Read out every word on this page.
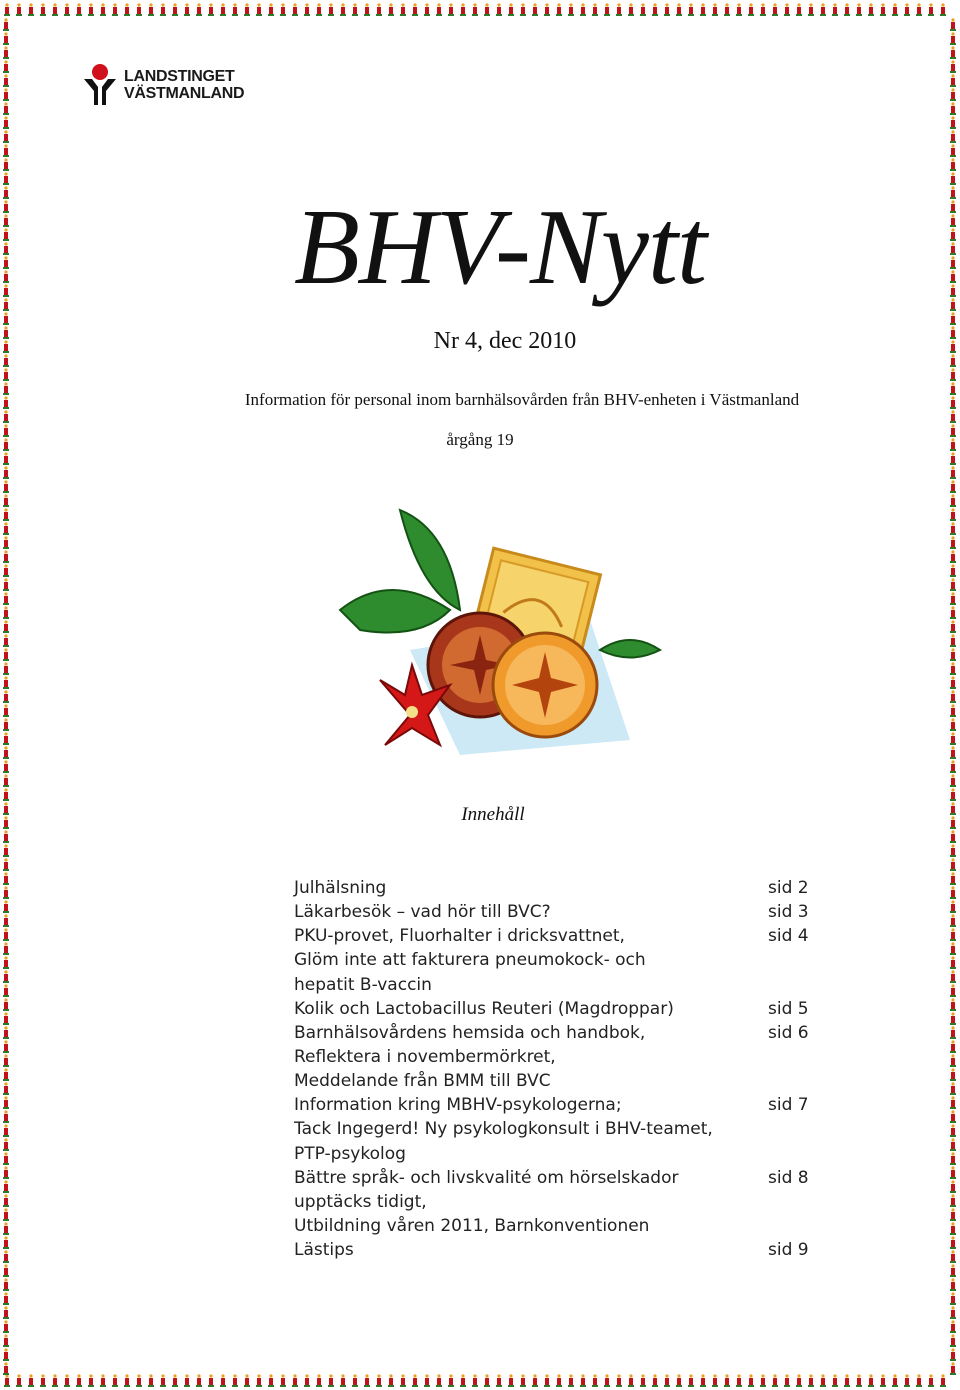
LANDSTINGET
VÄSTMANLAND
BHV-Nytt
Nr 4, dec 2010
Information för personal inom barnhälsovården från BHV-enheten i Västmanland
årgång 19
Innehåll
Julhälsning	sid 2
Läkarbesök – vad hör till BVC?	sid 3
PKU-provet, Fluorhalter i dricksvattnet,	sid 4
Glöm inte att fakturera pneumokock- och
hepatit B-vaccin
Kolik och Lactobacillus Reuteri (Magdroppar)	sid 5
Barnhälsovårdens hemsida och handbok,	sid 6
Reflektera i novembermörkret,
Meddelande från BMM till BVC
Information kring MBHV-psykologerna;	sid 7
Tack Ingegerd! Ny psykologkonsult i BHV-teamet,
PTP-psykolog
Bättre språk- och livskvalité om hörselskador	sid 8
upptäcks tidigt,
Utbildning våren 2011, Barnkonventionen
Lästips	sid 9
